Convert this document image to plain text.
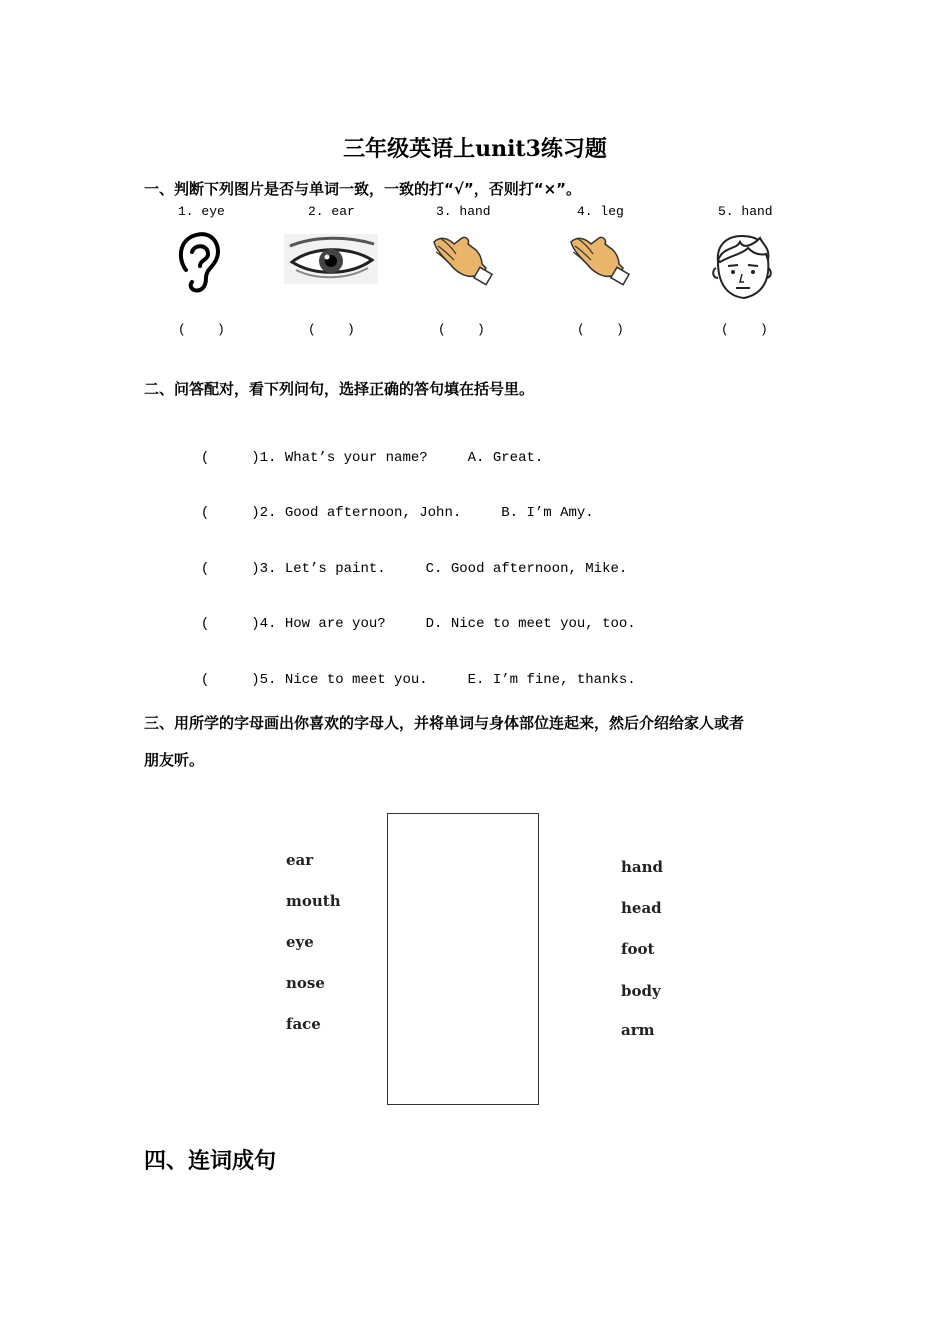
三年级英语上unit3练习题
一、判断下列图片是否与单词一致，一致的打“√”，否则打“×”。
1. eye	2. ear	3. hand	4. leg	5. hand
(    )	(    )	(    )	(    )	(    )
二、问答配对，看下列问句，选择正确的答句填在括号里。

(     )1. What’s your name?	A. Great.

(     )2. Good afternoon, John.	B. I’m Amy.

(     )3. Let’s paint.	C. Good afternoon, Mike.

(     )4. How are you?	D. Nice to meet you, too.

(     )5. Nice to meet you.	E. I’m fine, thanks.

三、用所学的字母画出你喜欢的字母人，并将单词与身体部位连起来，然后介绍给家人或者
朋友听。
ear
mouth
eye
nose
face
hand
head
foot
body
arm
四、连词成句
